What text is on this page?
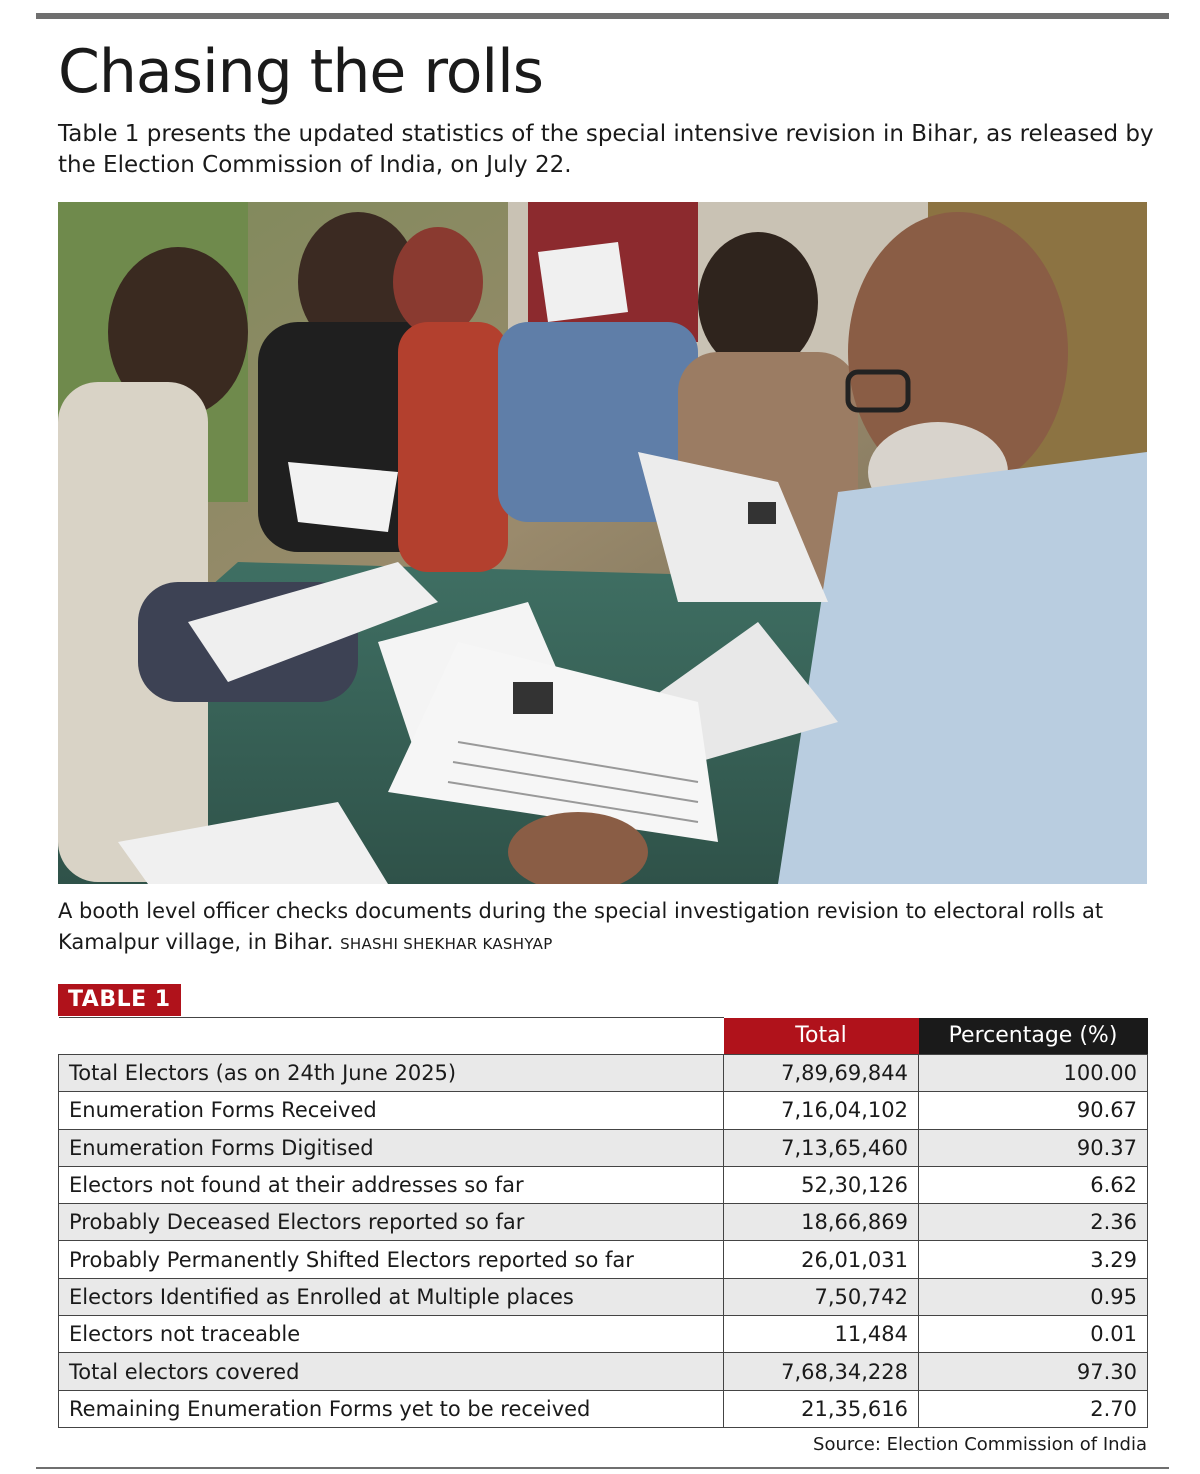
Chasing the rolls

Table 1 presents the updated statistics of the special intensive revision in Bihar, as released by the Election Commission of India, on July 22.

A booth level officer checks documents during the special investigation revision to electoral rolls at Kamalpur village, in Bihar. SHASHI SHEKHAR KASHYAP

TABLE 1
	Total	Percentage (%)
Total Electors (as on 24th June 2025)	7,89,69,844	100.00
Enumeration Forms Received	7,16,04,102	90.67
Enumeration Forms Digitised	7,13,65,460	90.37
Electors not found at their addresses so far	52,30,126	6.62
Probably Deceased Electors reported so far	18,66,869	2.36
Probably Permanently Shifted Electors reported so far	26,01,031	3.29
Electors Identified as Enrolled at Multiple places	7,50,742	0.95
Electors not traceable	11,484	0.01
Total electors covered	7,68,34,228	97.30
Remaining Enumeration Forms yet to be received	21,35,616	2.70
Source: Election Commission of India
